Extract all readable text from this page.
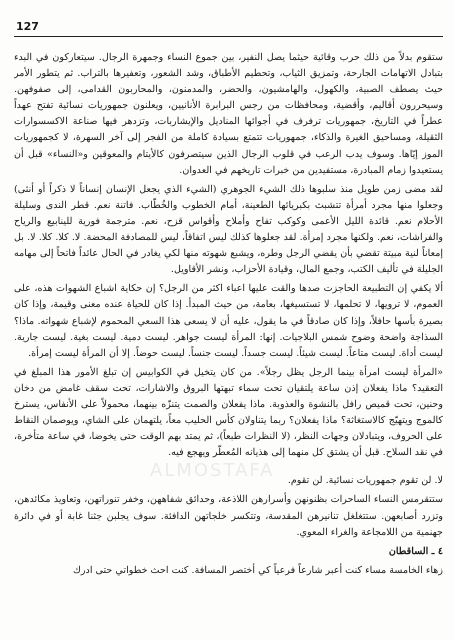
127

ستقوم بدلاً من ذلك حرب وقائية حيثما يصل النفير، بين جموع النساء وجمهرة الرجال. سيتعاركون في البدء بتبادل الاتهامات الجارحة، وتمزيق الثياب، وتحطيم الأطباق، وشد الشعور، وتعفيرها بالتراب. ثم يتطور الأمر حيث يصطف الصبية، والكهول، والهامشيون، والحضر، والمدمنون، والمحاربون القدامى، إلى صفوفهن. وسيحررون أقاليم، وأقضية، ومحافظات من رجس البرابرة الأنانيين، ويعلنون جمهوريات نسائية تفتح عهداً عطراً في التاريخ، جمهوريات ترفرف في أجوائها المناديل والإيشاربات، وتزدهر فيها صناعة الاكسسوارات الثقيلة، ومساحيق الغيرة والذكاء، جمهوريات تتمتع بسيادة كاملة من الفجر إلى آخر السهرة، لا كجمهوريات الموز إيّاها. وسوف يدب الرعب في قلوب الرجال الذين سيتصرفون كالأيتام والمعوقين و«النساء» قبل أن يستعيدوا زمام المبادرة، مستفيدين من خبرات تاريخهم في العدوان.

لقد مضى زمن طويل منذ سلبوها ذلك الشيء الجوهري (الشيء الذي يجعل الإنسان إنساناً لا ذكراً أو أنثى) وجعلوا منها مجرد أمرأة تتشبث بكبريائها الطعينة، أمام الخطوب والخُطّاب. فاتنة نعم. قطر الندى وسليلة الأحلام نعم. قائدة الليل الأعمى وكوكب تفاح وأملاح وأقواس قزح، نعم. مترجمة فورية للينابيع والرياح والفراشات، نعم. ولكنها مجرد إمرأة. لقد جعلوها كذلك ليس اتفاقاً، ليس للمصادفة المحضة. لا. كلا. كلا. لا. بل إمعاناً لنية مبيتة تقضي بأن يقضي الرجل وطره، ويشبع شهوته منها لكي يغادر في الحال عائداً فاتحاً إلى مهامه الجليلة في تأليف الكتب، وجمع المال، وقيادة الأحزاب، ونشر الأقاويل.

ألا يكفي إن التطبيعة الحاجزت صدها والقت عليها اعباء اكثر من الرجل؟ إن حكاية اشباع الشهوات هذه، على العموم، لا ترويها، لا تحلمها، لا تستسيغها، بعامة، من حيث المبدأ. إذا كان للحياة عنده معنى وقيمة، وإذا كان بصيرة بأسها حافلاً، وإذا كان صادقاً في ما يقول، عليه أن لا يسعى هذا السعي المحموم لإشباع شهواته. ماذا؟ السذاجة واضحة وضوح شمس البلاجيات. إنها: المرأة ليست جواهر. ليست دمية. ليست بغية. ليست جارية. ليست أداة. ليست متاعاً. ليست شيئاً. ليست جسداً. ليست جنساً. ليست حوضاً. إلا أن المرأة ليست إمرأة.

«المرأة ليست امرأة بينما الرجل يظل رجلاً». من كان يتخيل في الكوابيس إن تبلغ الأمور هذا المبلغ في التعقيد؟ ماذا يفعلان إذن ساعة يلتقيان تحت سماء تبهتها البروق والاشارات، تحت سقف غامض من دخان وحنين، تحت قميص رافل بالنشوة والعذوبة. ماذا يفعلان والصمت يتنزّه بينهما، محمولاً على الأنفاس، يسترخ كالموج ويتهيّج كالاستغاثة؟ ماذا يفعلان؟ ربما يتناولان كأس الحليب معاً، يلتهمان على الشاي، ويوصمان النقاط على الحروف، ويتبادلان وجهات النظر، (لا النظرات طبعاً)، ثم يمتد بهم الوقت حتى يخوضا، في ساعة متأخرة، في نقد السلاح. قبل أن يشتق كل منهما إلى هذيانه المُعطّر ويهجع فيه.

لا. لن تقوم جمهوريات نسائية. لن تقوم.

ستتقرمس النساء الساحرات بظنونهن وأسرارهن اللاذعة، وحدائق شفاههن، وخفر تنوراتهن، وتعاويذ مكائدهن، وتزرد أصابعهن. ستتغلغل تنانيرهن المقدسة، وتتكسر خلجاتهن الدافئة. سوف يجلبن جثنا غابة أو في دائرة جهنمية من اللامجاعة والغراء المعوي.

٤ ـ الساقطان

زهاء الخامسة مساء كنت أعبر شارعاً فرعياً كي أختصر المسافة. كنت احث خطواتي حتى ادرك

ALMOSTAFA
